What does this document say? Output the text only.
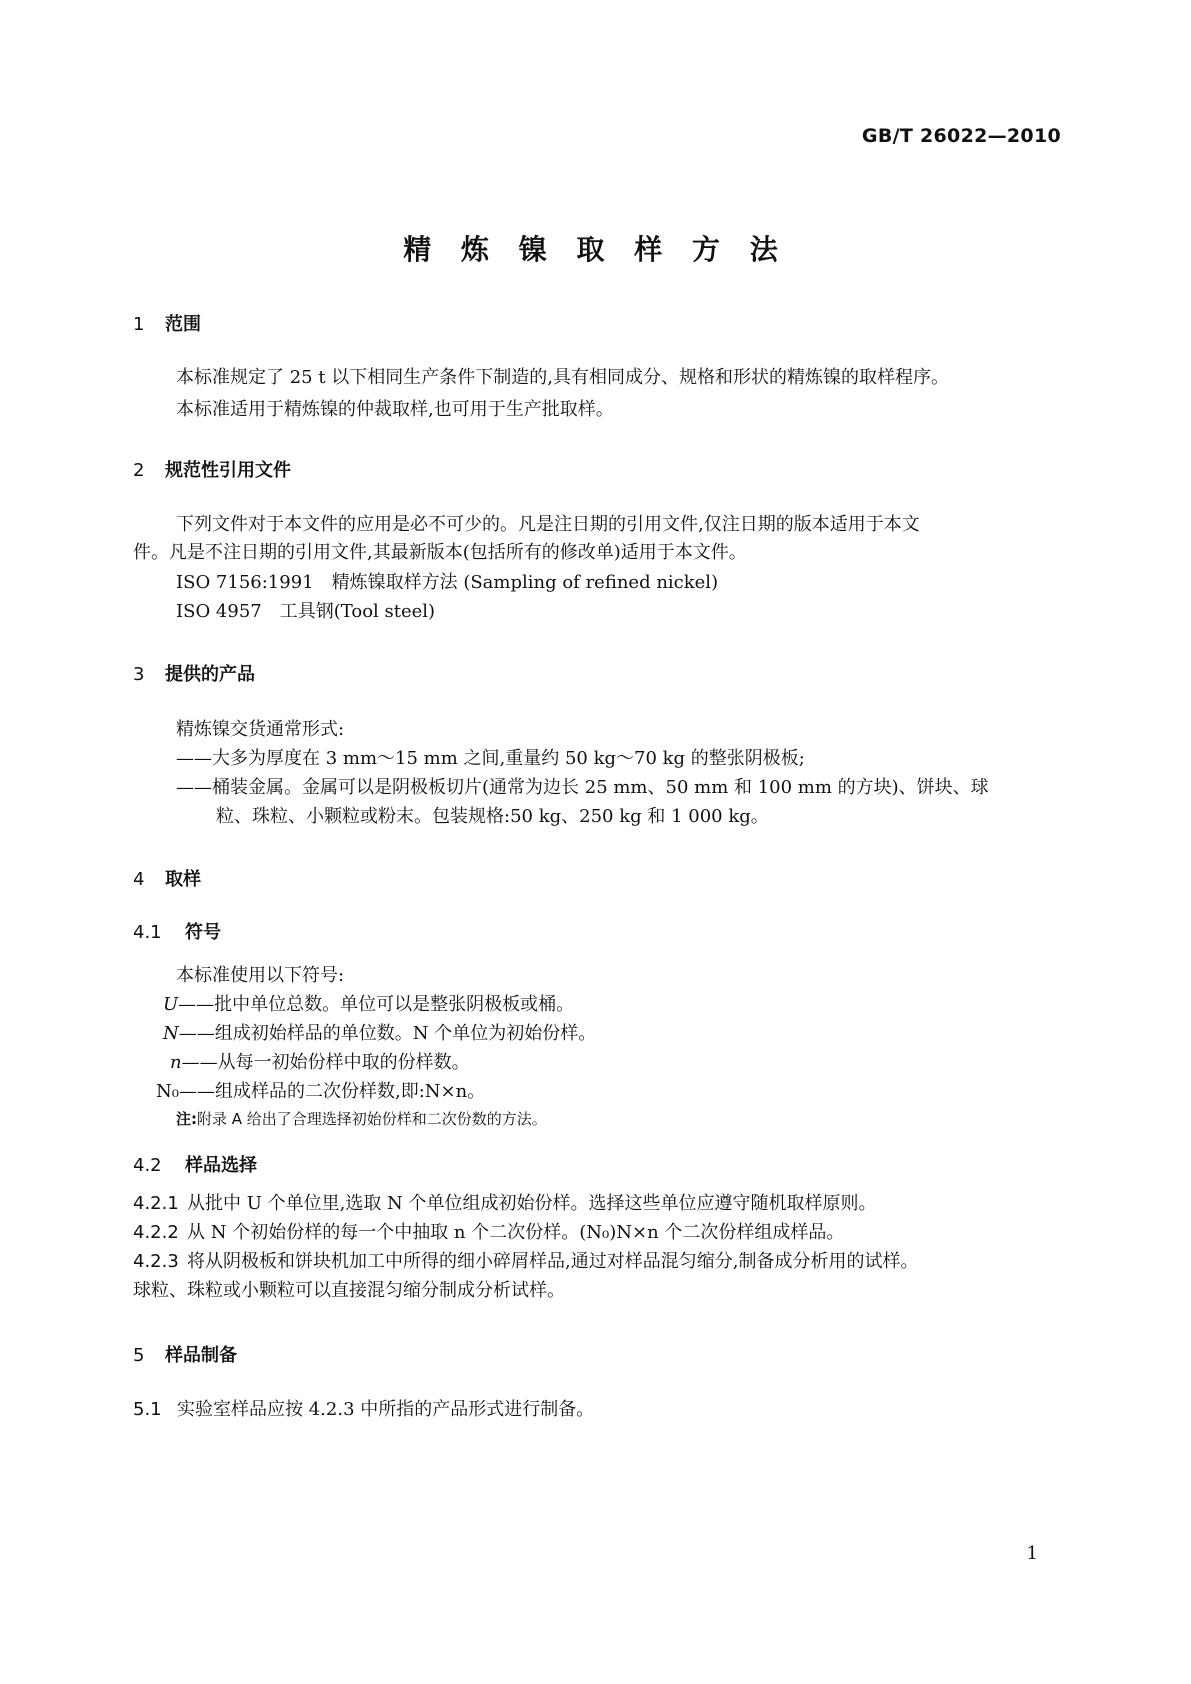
GB/T 26022—2010
精 炼 镍 取 样 方 法
1 范围
本标准规定了 25 t 以下相同生产条件下制造的,具有相同成分、规格和形状的精炼镍的取样程序。
本标准适用于精炼镍的仲裁取样,也可用于生产批取样。
2 规范性引用文件
下列文件对于本文件的应用是必不可少的。凡是注日期的引用文件,仅注日期的版本适用于本文
件。凡是不注日期的引用文件,其最新版本(包括所有的修改单)适用于本文件。
ISO 7156:1991　精炼镍取样方法 (Sampling of refined nickel)
ISO 4957　工具钢(Tool steel)
3 提供的产品
精炼镍交货通常形式:
——大多为厚度在 3 mm～15 mm 之间,重量约 50 kg～70 kg 的整张阴极板;
——桶装金属。金属可以是阴极板切片(通常为边长 25 mm、50 mm 和 100 mm 的方块)、饼块、球
粒、珠粒、小颗粒或粉末。包装规格:50 kg、250 kg 和 1 000 kg。
4 取样
4.1 符号
本标准使用以下符号:
U——批中单位总数。单位可以是整张阴极板或桶。
N——组成初始样品的单位数。N 个单位为初始份样。
n——从每一初始份样中取的份样数。
N₀——组成样品的二次份样数,即:N×n。
注:附录 A 给出了合理选择初始份样和二次份数的方法。
4.2 样品选择
4.2.1 从批中 U 个单位里,选取 N 个单位组成初始份样。选择这些单位应遵守随机取样原则。
4.2.2 从 N 个初始份样的每一个中抽取 n 个二次份样。(N₀)N×n 个二次份样组成样品。
4.2.3 将从阴极板和饼块机加工中所得的细小碎屑样品,通过对样品混匀缩分,制备成分析用的试样。
球粒、珠粒或小颗粒可以直接混匀缩分制成分析试样。
5 样品制备
5.1 实验室样品应按 4.2.3 中所指的产品形式进行制备。
1
